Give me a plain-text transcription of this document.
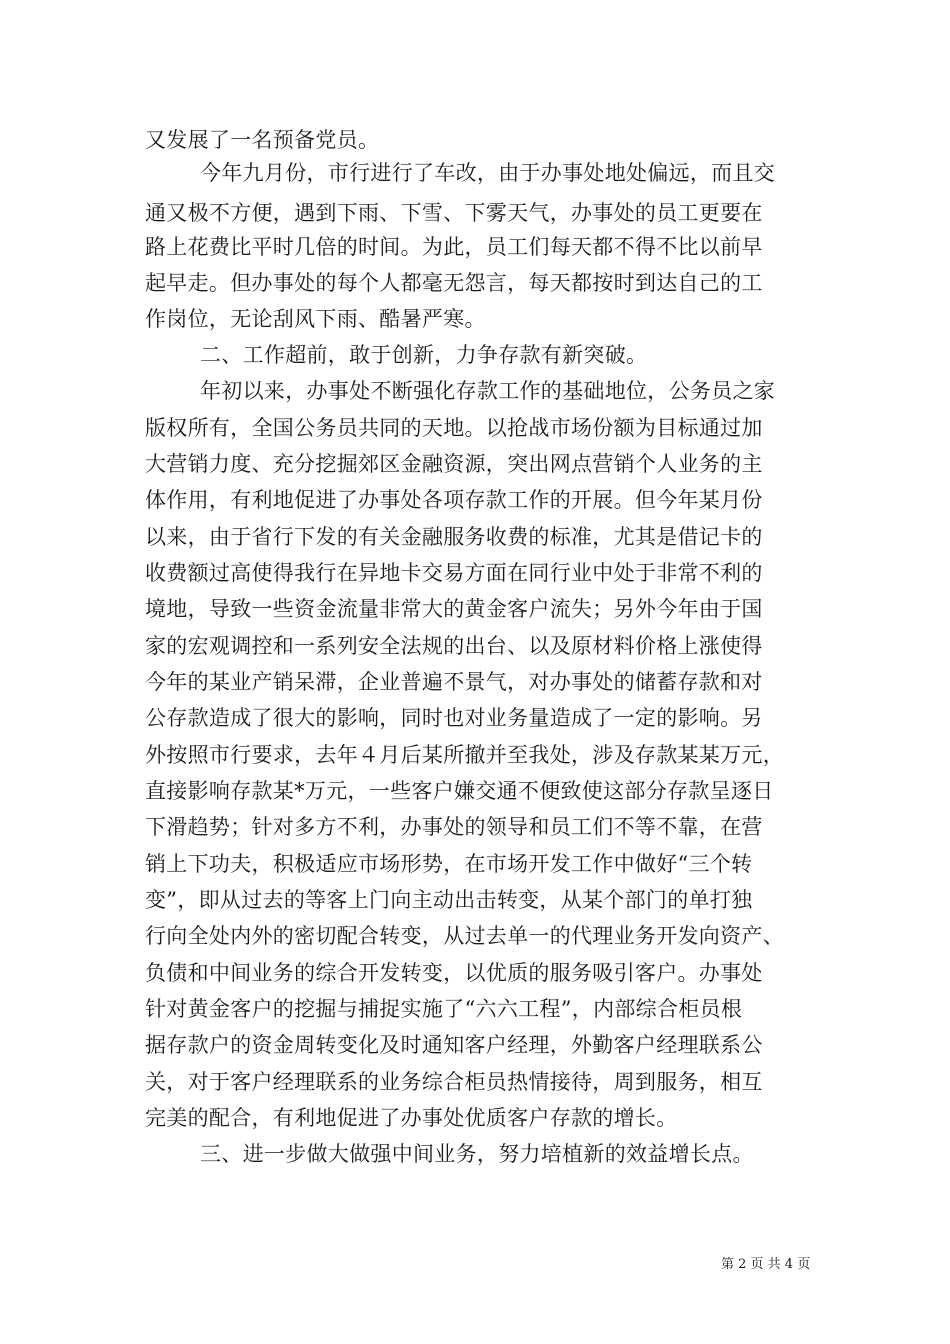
又发展了一名预备党员。
今年九月份，市行进行了车改，由于办事处地处偏远，而且交
通又极不方便，遇到下雨、下雪、下雾天气，办事处的员工更要在
路上花费比平时几倍的时间。为此，员工们每天都不得不比以前早
起早走。但办事处的每个人都毫无怨言，每天都按时到达自己的工
作岗位，无论刮风下雨、酷暑严寒。
二、工作超前，敢于创新，力争存款有新突破。
年初以来，办事处不断强化存款工作的基础地位，公务员之家
版权所有，全国公务员共同的天地。以抢战市场份额为目标通过加
大营销力度、充分挖掘郊区金融资源，突出网点营销个人业务的主
体作用，有利地促进了办事处各项存款工作的开展。但今年某月份
以来，由于省行下发的有关金融服务收费的标准，尤其是借记卡的
收费额过高使得我行在异地卡交易方面在同行业中处于非常不利的
境地，导致一些资金流量非常大的黄金客户流失；另外今年由于国
家的宏观调控和一系列安全法规的出台、以及原材料价格上涨使得
今年的某业产销呆滞，企业普遍不景气，对办事处的储蓄存款和对
公存款造成了很大的影响，同时也对业务量造成了一定的影响。另
外按照市行要求，去年４月后某所撤并至我处，涉及存款某某万元，
直接影响存款某*万元，一些客户嫌交通不便致使这部分存款呈逐日
下滑趋势；针对多方不利，办事处的领导和员工们不等不靠，在营
销上下功夫，积极适应市场形势，在市场开发工作中做好“三个转
变”，即从过去的等客上门向主动出击转变，从某个部门的单打独
行向全处内外的密切配合转变，从过去单一的代理业务开发向资产、
负债和中间业务的综合开发转变，以优质的服务吸引客户。办事处
针对黄金客户的挖掘与捕捉实施了“六六工程”，内部综合柜员根
据存款户的资金周转变化及时通知客户经理，外勤客户经理联系公
关，对于客户经理联系的业务综合柜员热情接待，周到服务，相互
完美的配合，有利地促进了办事处优质客户存款的增长。
三、进一步做大做强中间业务，努力培植新的效益增长点。
第 2 页 共 4 页
